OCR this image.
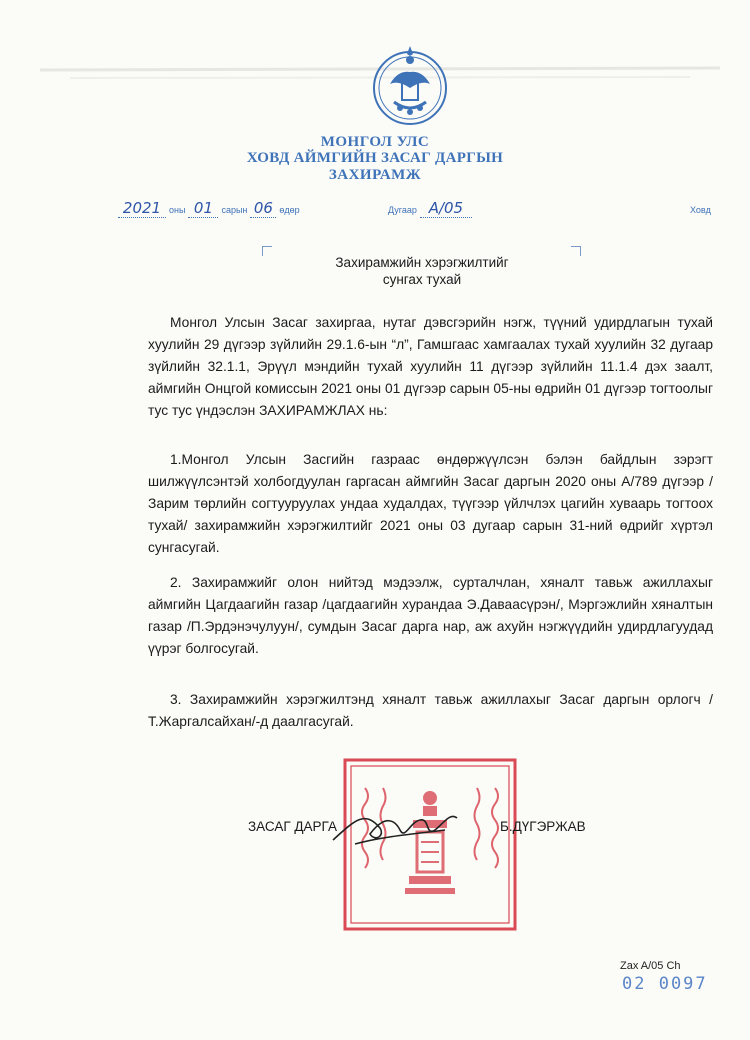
МОНГОЛ УЛС
ХОВД АЙМГИЙН ЗАСАГ ДАРГЫН
ЗАХИРАМЖ
2021 оны 01 сарын 06 өдөр	Дугаар А/05	Ховд
Захирамжийн хэрэгжилтийг
сунгах тухай
Монгол Улсын Засаг захиргаа, нутаг дэвсгэрийн нэгж, түүний удирдлагын тухай хуулийн 29 дүгээр зүйлийн 29.1.6-ын “л”, Гамшгаас хамгаалах тухай хуулийн 32 дугаар зүйлийн 32.1.1, Эрүүл мэндийн тухай хуулийн 11 дүгээр зүйлийн 11.1.4 дэх заалт, аймгийн Онцгой комиссын 2021 оны 01 дүгээр сарын 05-ны өдрийн 01 дүгээр тогтоолыг тус тус үндэслэн ЗАХИРАМЖЛАХ нь:
1.Монгол Улсын Засгийн газраас өндөржүүлсэн бэлэн байдлын зэрэгт шилжүүлсэнтэй холбогдуулан гаргасан аймгийн Засаг даргын 2020 оны А/789 дүгээр /Зарим төрлийн согтууруулах ундаа худалдах, түүгээр үйлчлэх цагийн хуваарь тогтоох тухай/ захирамжийн хэрэгжилтийг 2021 оны 03 дугаар сарын 31-ний өдрийг хүртэл сунгасугай.
2. Захирамжийг олон нийтэд мэдээлж, сурталчлан, хяналт тавьж ажиллахыг аймгийн Цагдаагийн газар /цагдаагийн хурандаа Э.Даваасүрэн/, Мэргэжлийн хяналтын газар /П.Эрдэнэчулуун/, сумдын Засаг дарга нар, аж ахуйн нэгжүүдийн удирдлагуудад үүрэг болгосугай.
3. Захирамжийн хэрэгжилтэнд хяналт тавьж ажиллахыг Засаг даргын орлогч /Т.Жаргалсайхан/-д даалгасугай.
ЗАСАГ ДАРГА	Б.ДҮГЭРЖАВ
Zax A/05 Ch
02 0097
